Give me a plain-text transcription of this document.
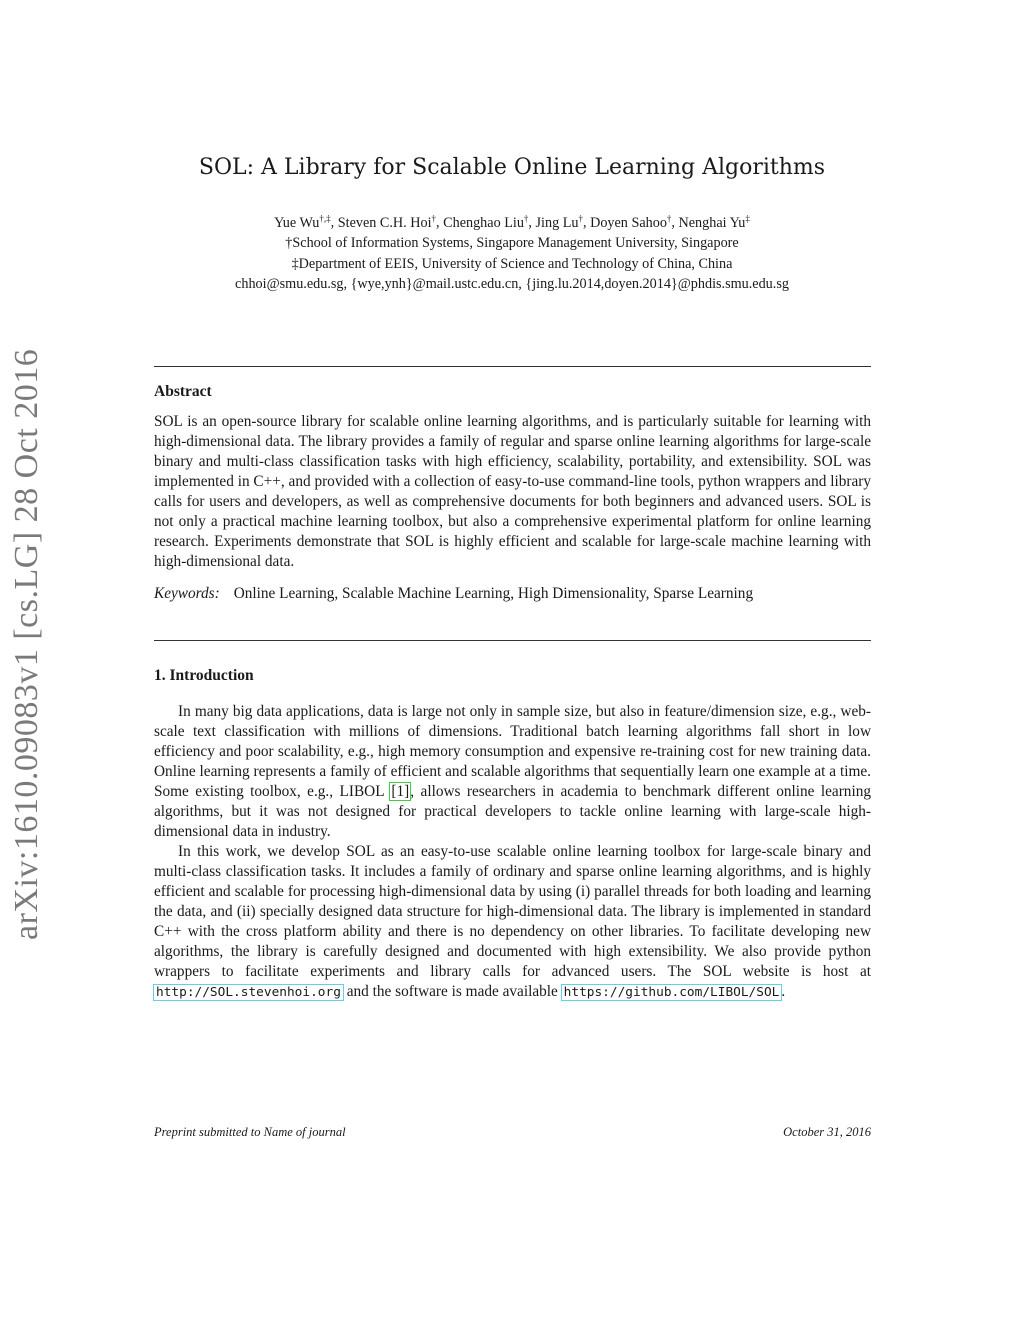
arXiv:1610.09083v1 [cs.LG] 28 Oct 2016
SOL: A Library for Scalable Online Learning Algorithms
Yue Wu†,‡, Steven C.H. Hoi†, Chenghao Liu†, Jing Lu†, Doyen Sahoo†, Nenghai Yu‡
†School of Information Systems, Singapore Management University, Singapore
‡Department of EEIS, University of Science and Technology of China, China
chhoi@smu.edu.sg, {wye,ynh}@mail.ustc.edu.cn, {jing.lu.2014,doyen.2014}@phdis.smu.edu.sg
Abstract

SOL is an open-source library for scalable online learning algorithms, and is particularly suitable for learning with high-dimensional data. The library provides a family of regular and sparse online learning algorithms for large-scale binary and multi-class classification tasks with high efficiency, scalability, portability, and extensibility. SOL was implemented in C++, and provided with a collection of easy-to-use command-line tools, python wrappers and library calls for users and developers, as well as comprehensive documents for both beginners and advanced users. SOL is not only a practical machine learning toolbox, but also a comprehensive experimental platform for online learning research. Experiments demonstrate that SOL is highly efficient and scalable for large-scale machine learning with high-dimensional data.

Keywords: Online Learning, Scalable Machine Learning, High Dimensionality, Sparse Learning
1. Introduction

In many big data applications, data is large not only in sample size, but also in feature/dimension size, e.g., web-scale text classification with millions of dimensions. Traditional batch learning algorithms fall short in low efficiency and poor scalability, e.g., high memory consumption and expensive re-training cost for new training data. Online learning represents a family of efficient and scalable algorithms that sequentially learn one example at a time. Some existing toolbox, e.g., LIBOL [1], allows researchers in academia to benchmark different online learning algorithms, but it was not designed for practical developers to tackle online learning with large-scale high-dimensional data in industry.

In this work, we develop SOL as an easy-to-use scalable online learning toolbox for large-scale binary and multi-class classification tasks. It includes a family of ordinary and sparse online learning algorithms, and is highly efficient and scalable for processing high-dimensional data by using (i) parallel threads for both loading and learning the data, and (ii) specially designed data structure for high-dimensional data. The library is implemented in standard C++ with the cross platform ability and there is no dependency on other libraries. To facilitate developing new algorithms, the library is carefully designed and documented with high extensibility. We also provide python wrappers to facilitate experiments and library calls for advanced users. The SOL website is host at http://SOL.stevenhoi.org and the software is made available https://github.com/LIBOL/SOL .

Preprint submitted to Name of journal	October 31, 2016
